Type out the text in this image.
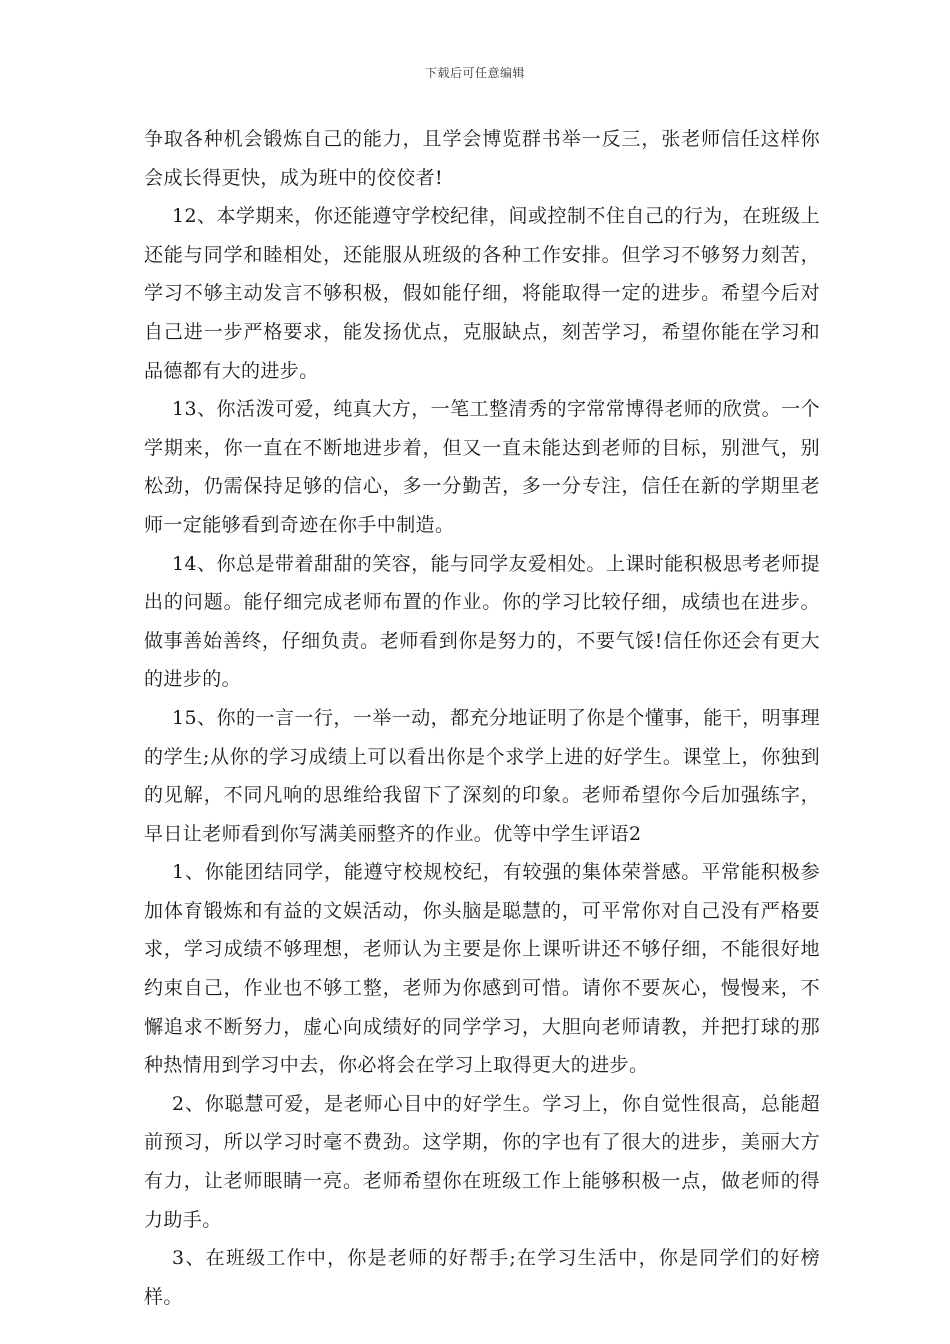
下载后可任意编辑

争取各种机会锻炼自己的能力，且学会博览群书举一反三，张老师信任这样你会成长得更快，成为班中的佼佼者!

12、本学期来，你还能遵守学校纪律，间或控制不住自己的行为，在班级上还能与同学和睦相处，还能服从班级的各种工作安排。但学习不够努力刻苦，学习不够主动发言不够积极，假如能仔细，将能取得一定的进步。希望今后对自己进一步严格要求，能发扬优点，克服缺点，刻苦学习，希望你能在学习和品德都有大的进步。

13、你活泼可爱，纯真大方，一笔工整清秀的字常常博得老师的欣赏。一个学期来，你一直在不断地进步着，但又一直未能达到老师的目标，别泄气，别松劲，仍需保持足够的信心，多一分勤苦，多一分专注，信任在新的学期里老师一定能够看到奇迹在你手中制造。

14、你总是带着甜甜的笑容，能与同学友爱相处。上课时能积极思考老师提出的问题。能仔细完成老师布置的作业。你的学习比较仔细，成绩也在进步。做事善始善终，仔细负责。老师看到你是努力的，不要气馁!信任你还会有更大的进步的。

15、你的一言一行，一举一动，都充分地证明了你是个懂事，能干，明事理的学生;从你的学习成绩上可以看出你是个求学上进的好学生。课堂上，你独到的见解，不同凡响的思维给我留下了深刻的印象。老师希望你今后加强练字，早日让老师看到你写满美丽整齐的作业。优等中学生评语2

1、你能团结同学，能遵守校规校纪，有较强的集体荣誉感。平常能积极参加体育锻炼和有益的文娱活动，你头脑是聪慧的，可平常你对自己没有严格要求，学习成绩不够理想，老师认为主要是你上课听讲还不够仔细，不能很好地约束自己，作业也不够工整，老师为你感到可惜。请你不要灰心，慢慢来，不懈追求不断努力，虚心向成绩好的同学学习，大胆向老师请教，并把打球的那种热情用到学习中去，你必将会在学习上取得更大的进步。

2、你聪慧可爱，是老师心目中的好学生。学习上，你自觉性很高，总能超前预习，所以学习时毫不费劲。这学期，你的字也有了很大的进步，美丽大方有力，让老师眼睛一亮。老师希望你在班级工作上能够积极一点，做老师的得力助手。

3、在班级工作中，你是老师的好帮手;在学习生活中，你是同学们的好榜样。
